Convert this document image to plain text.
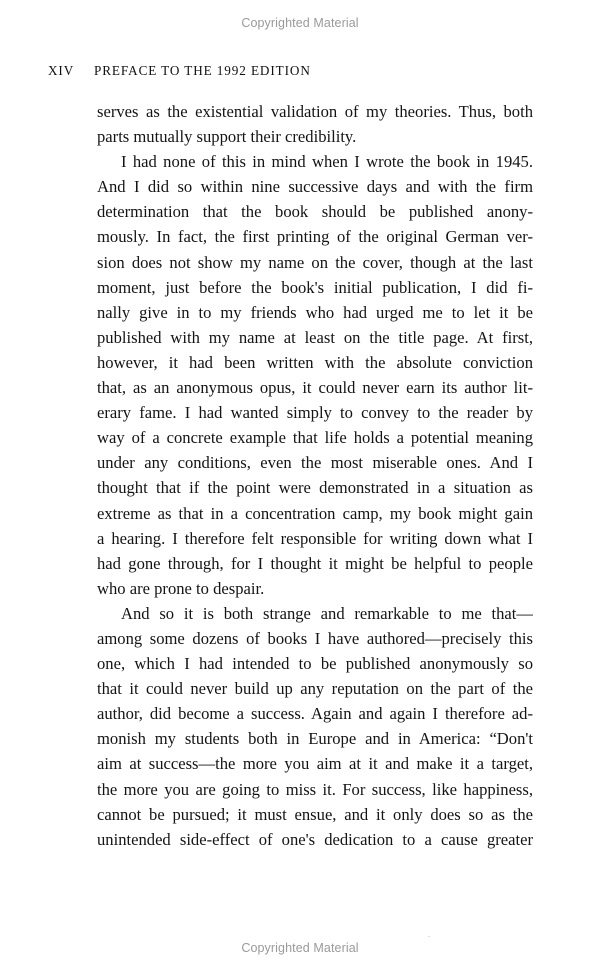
Copyrighted Material
XIV PREFACE TO THE 1992 EDITION
serves as the existential validation of my theories. Thus, both
parts mutually support their credibility.
I had none of this in mind when I wrote the book in 1945.
And I did so within nine successive days and with the firm
determination that the book should be published anony-
mously. In fact, the first printing of the original German ver-
sion does not show my name on the cover, though at the last
moment, just before the book's initial publication, I did fi-
nally give in to my friends who had urged me to let it be
published with my name at least on the title page. At first,
however, it had been written with the absolute conviction
that, as an anonymous opus, it could never earn its author lit-
erary fame. I had wanted simply to convey to the reader by
way of a concrete example that life holds a potential meaning
under any conditions, even the most miserable ones. And I
thought that if the point were demonstrated in a situation as
extreme as that in a concentration camp, my book might gain
a hearing. I therefore felt responsible for writing down what I
had gone through, for I thought it might be helpful to people
who are prone to despair.
And so it is both strange and remarkable to me that—
among some dozens of books I have authored—precisely this
one, which I had intended to be published anonymously so
that it could never build up any reputation on the part of the
author, did become a success. Again and again I therefore ad-
monish my students both in Europe and in America: “Don't
aim at success—the more you aim at it and make it a target,
the more you are going to miss it. For success, like happiness,
cannot be pursued; it must ensue, and it only does so as the
unintended side-effect of one's dedication to a cause greater
.
Copyrighted Material
